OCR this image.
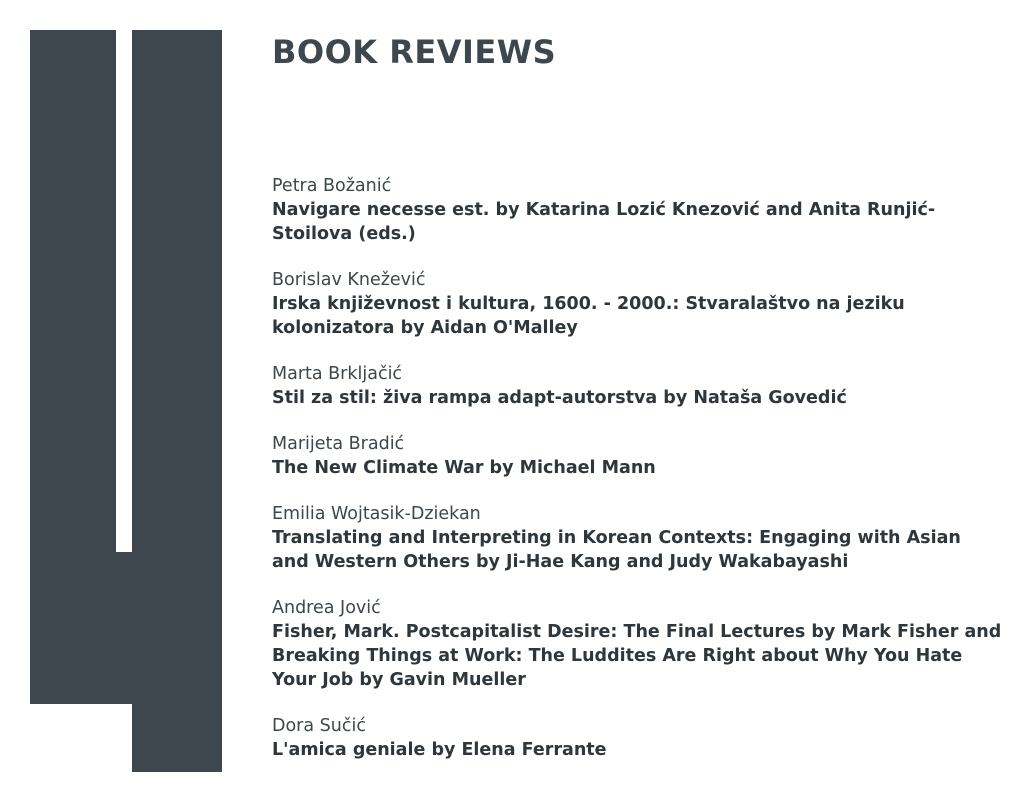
BOOK REVIEWS
Petra Božanić
Navigare necesse est. by Katarina Lozić Knezović and Anita Runjić-Stoilova (eds.)
Borislav Knežević
Irska književnost i kultura, 1600. - 2000.: Stvaralaštvo na jeziku kolonizatora by Aidan O'Malley
Marta Brkljačić
Stil za stil: živa rampa adapt-autorstva by Nataša Govedić
Marijeta Bradić
The New Climate War by Michael Mann
Emilia Wojtasik-Dziekan
Translating and Interpreting in Korean Contexts: Engaging with Asian and Western Others by Ji-Hae Kang and Judy Wakabayashi
Andrea Jović
Fisher, Mark. Postcapitalist Desire: The Final Lectures by Mark Fisher and Breaking Things at Work: The Luddites Are Right about Why You Hate Your Job by Gavin Mueller
Dora Sučić
L'amica geniale by Elena Ferrante
